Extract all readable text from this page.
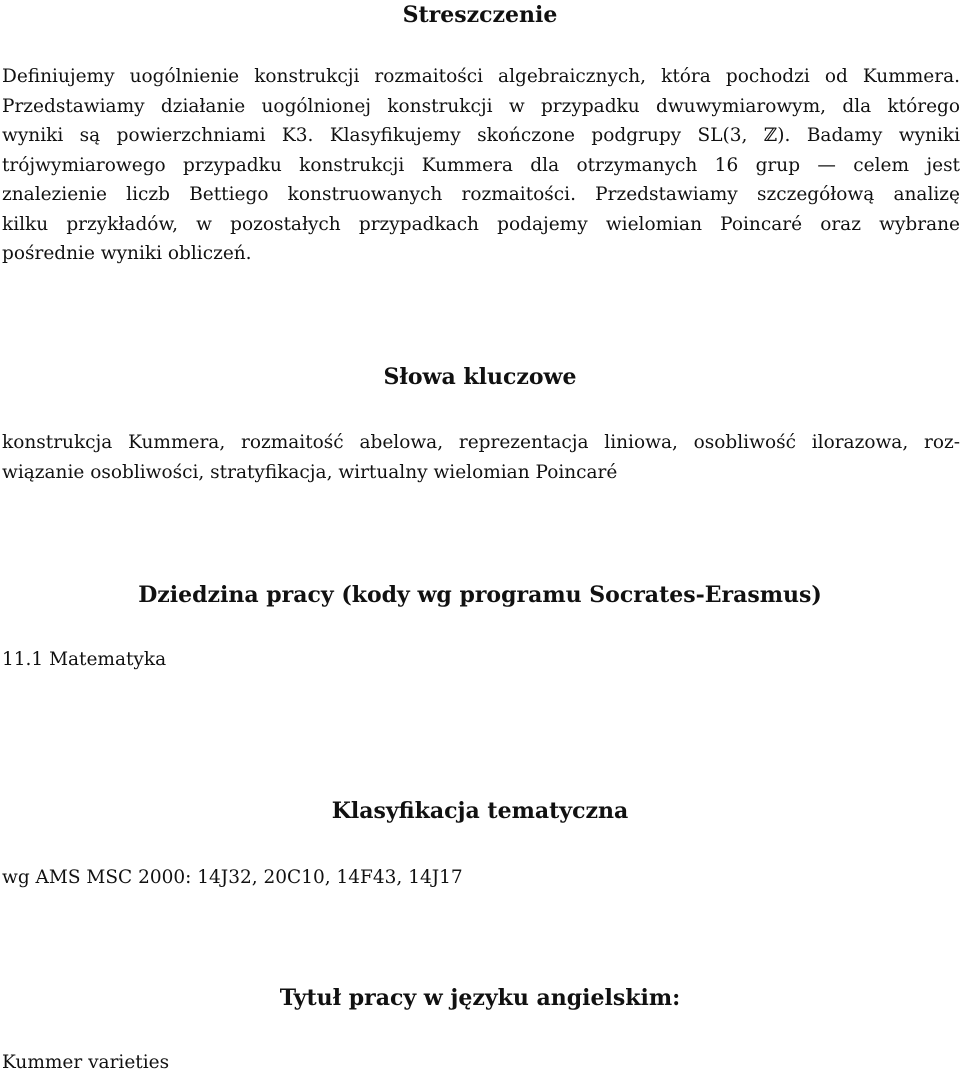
Streszczenie
Definiujemy uogólnienie konstrukcji rozmaitości algebraicznych, która pochodzi od Kummera.
Przedstawiamy działanie uogólnionej konstrukcji w przypadku dwuwymiarowym, dla którego
wyniki są powierzchniami K3. Klasyfikujemy skończone podgrupy SL(3, ℤ). Badamy wyniki
trójwymiarowego przypadku konstrukcji Kummera dla otrzymanych 16 grup — celem jest
znalezienie liczb Bettiego konstruowanych rozmaitości. Przedstawiamy szczegółową analizę
kilku przykładów, w pozostałych przypadkach podajemy wielomian Poincaré oraz wybrane
pośrednie wyniki obliczeń.
Słowa kluczowe
konstrukcja Kummera, rozmaitość abelowa, reprezentacja liniowa, osobliwość ilorazowa, roz-
wiązanie osobliwości, stratyfikacja, wirtualny wielomian Poincaré
Dziedzina pracy (kody wg programu Socrates-Erasmus)

11.1 Matematyka

Klasyfikacja tematyczna

wg AMS MSC 2000: 14J32, 20C10, 14F43, 14J17

Tytuł pracy w języku angielskim:

Kummer varieties
